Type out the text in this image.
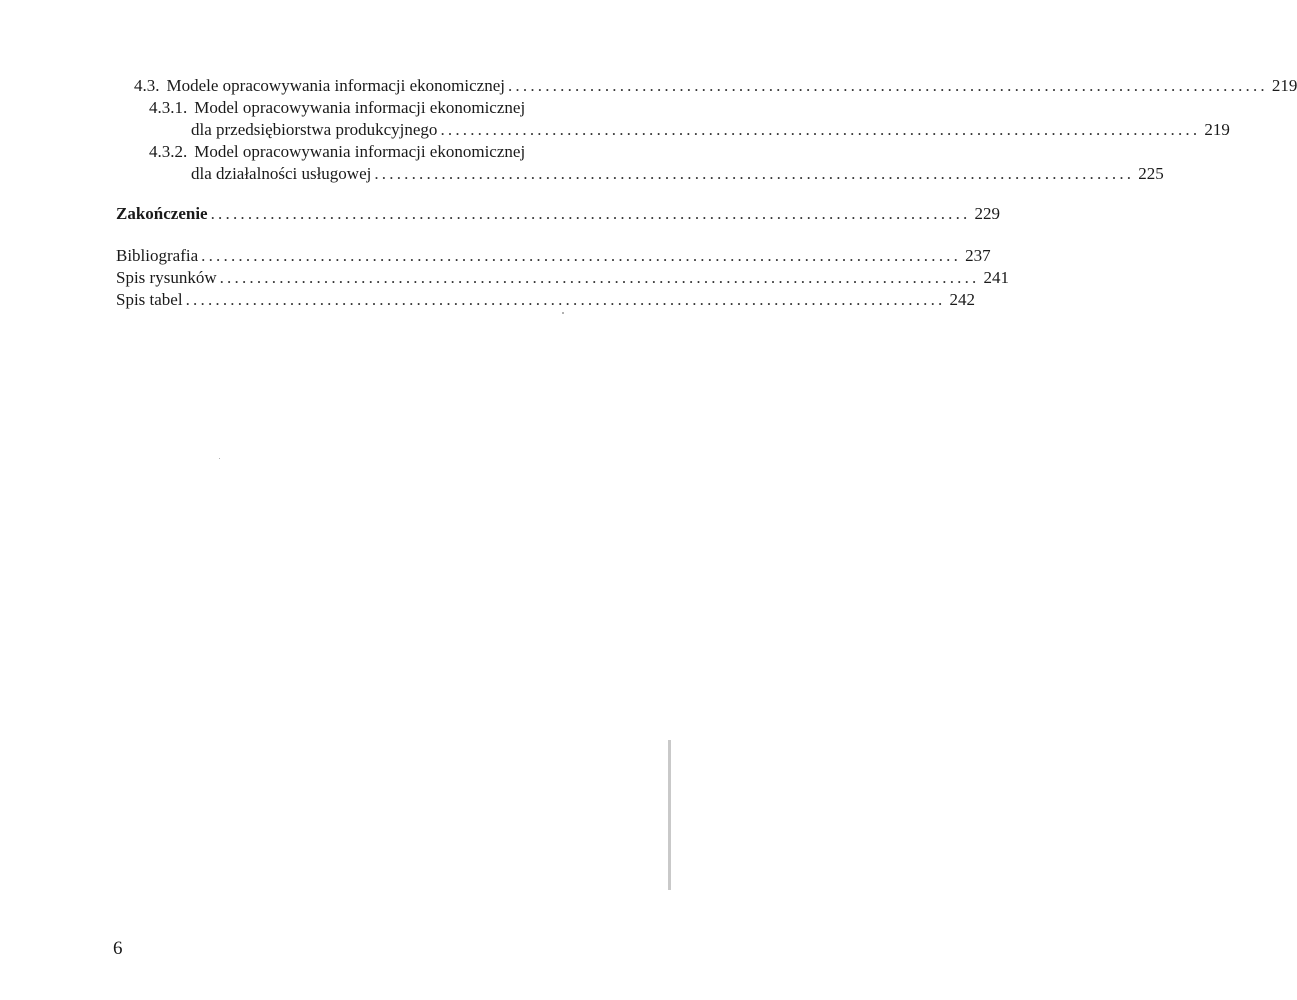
4.3. Modele opracowywania informacji ekonomicznej ...................................................................................................... 219
4.3.1. Model opracowywania informacji ekonomicznej
dla przedsiębiorstwa produkcyjnego ...................................................................................................... 219
4.3.2. Model opracowywania informacji ekonomicznej
dla działalności usługowej ...................................................................................................... 225
Zakończenie ...................................................................................................... 229
Bibliografia ...................................................................................................... 237
Spis rysunków ...................................................................................................... 241
Spis tabel ...................................................................................................... 242
6
